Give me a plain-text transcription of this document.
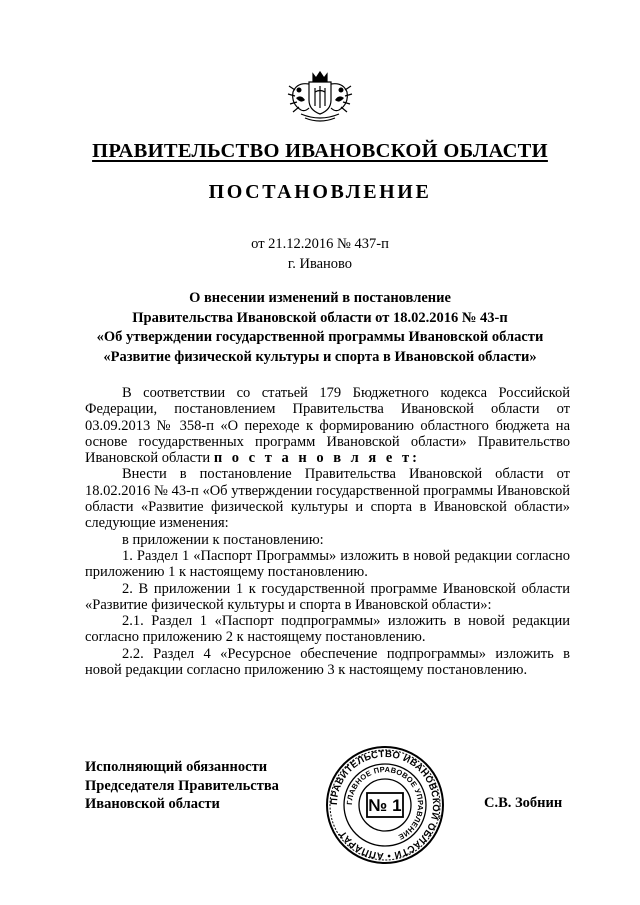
ПРАВИТЕЛЬСТВО ИВАНОВСКОЙ ОБЛАСТИ
ПОСТАНОВЛЕНИЕ
от 21.12.2016 № 437-п
г. Иваново
О внесении изменений в постановление
Правительства Ивановской области от 18.02.2016 № 43-п
«Об утверждении государственной программы Ивановской области
«Развитие физической культуры и спорта в Ивановской области»

В соответствии со статьей 179 Бюджетного кодекса Российской Федерации, постановлением Правительства Ивановской области от 03.09.2013 № 358-п «О переходе к формированию областного бюджета на основе государственных программ Ивановской области» Правительство Ивановской области п о с т а н о в л я е т:

Внести в постановление Правительства Ивановской области от 18.02.2016 № 43-п «Об утверждении государственной программы Ивановской области «Развитие физической культуры и спорта в Ивановской области» следующие изменения:

в приложении к постановлению:

1. Раздел 1 «Паспорт Программы» изложить в новой редакции согласно приложению 1 к настоящему постановлению.

2. В приложении 1 к государственной программе Ивановской области «Развитие физической культуры и спорта в Ивановской области»:

2.1. Раздел 1 «Паспорт подпрограммы» изложить в новой редакции согласно приложению 2 к настоящему постановлению.

2.2. Раздел 4 «Ресурсное обеспечение подпрограммы» изложить в новой редакции согласно приложению 3 к настоящему постановлению.

Исполняющий обязанности
Председателя Правительства
Ивановской области	ПРАВИТЕЛЬСТВО ИВАНОВСКОЙ ОБЛАСТИ • АППАРАТ
ГЛАВНОЕ ПРАВОВОЕ УПРАВЛЕНИЕ
№ 1	С.В. Зобнин
